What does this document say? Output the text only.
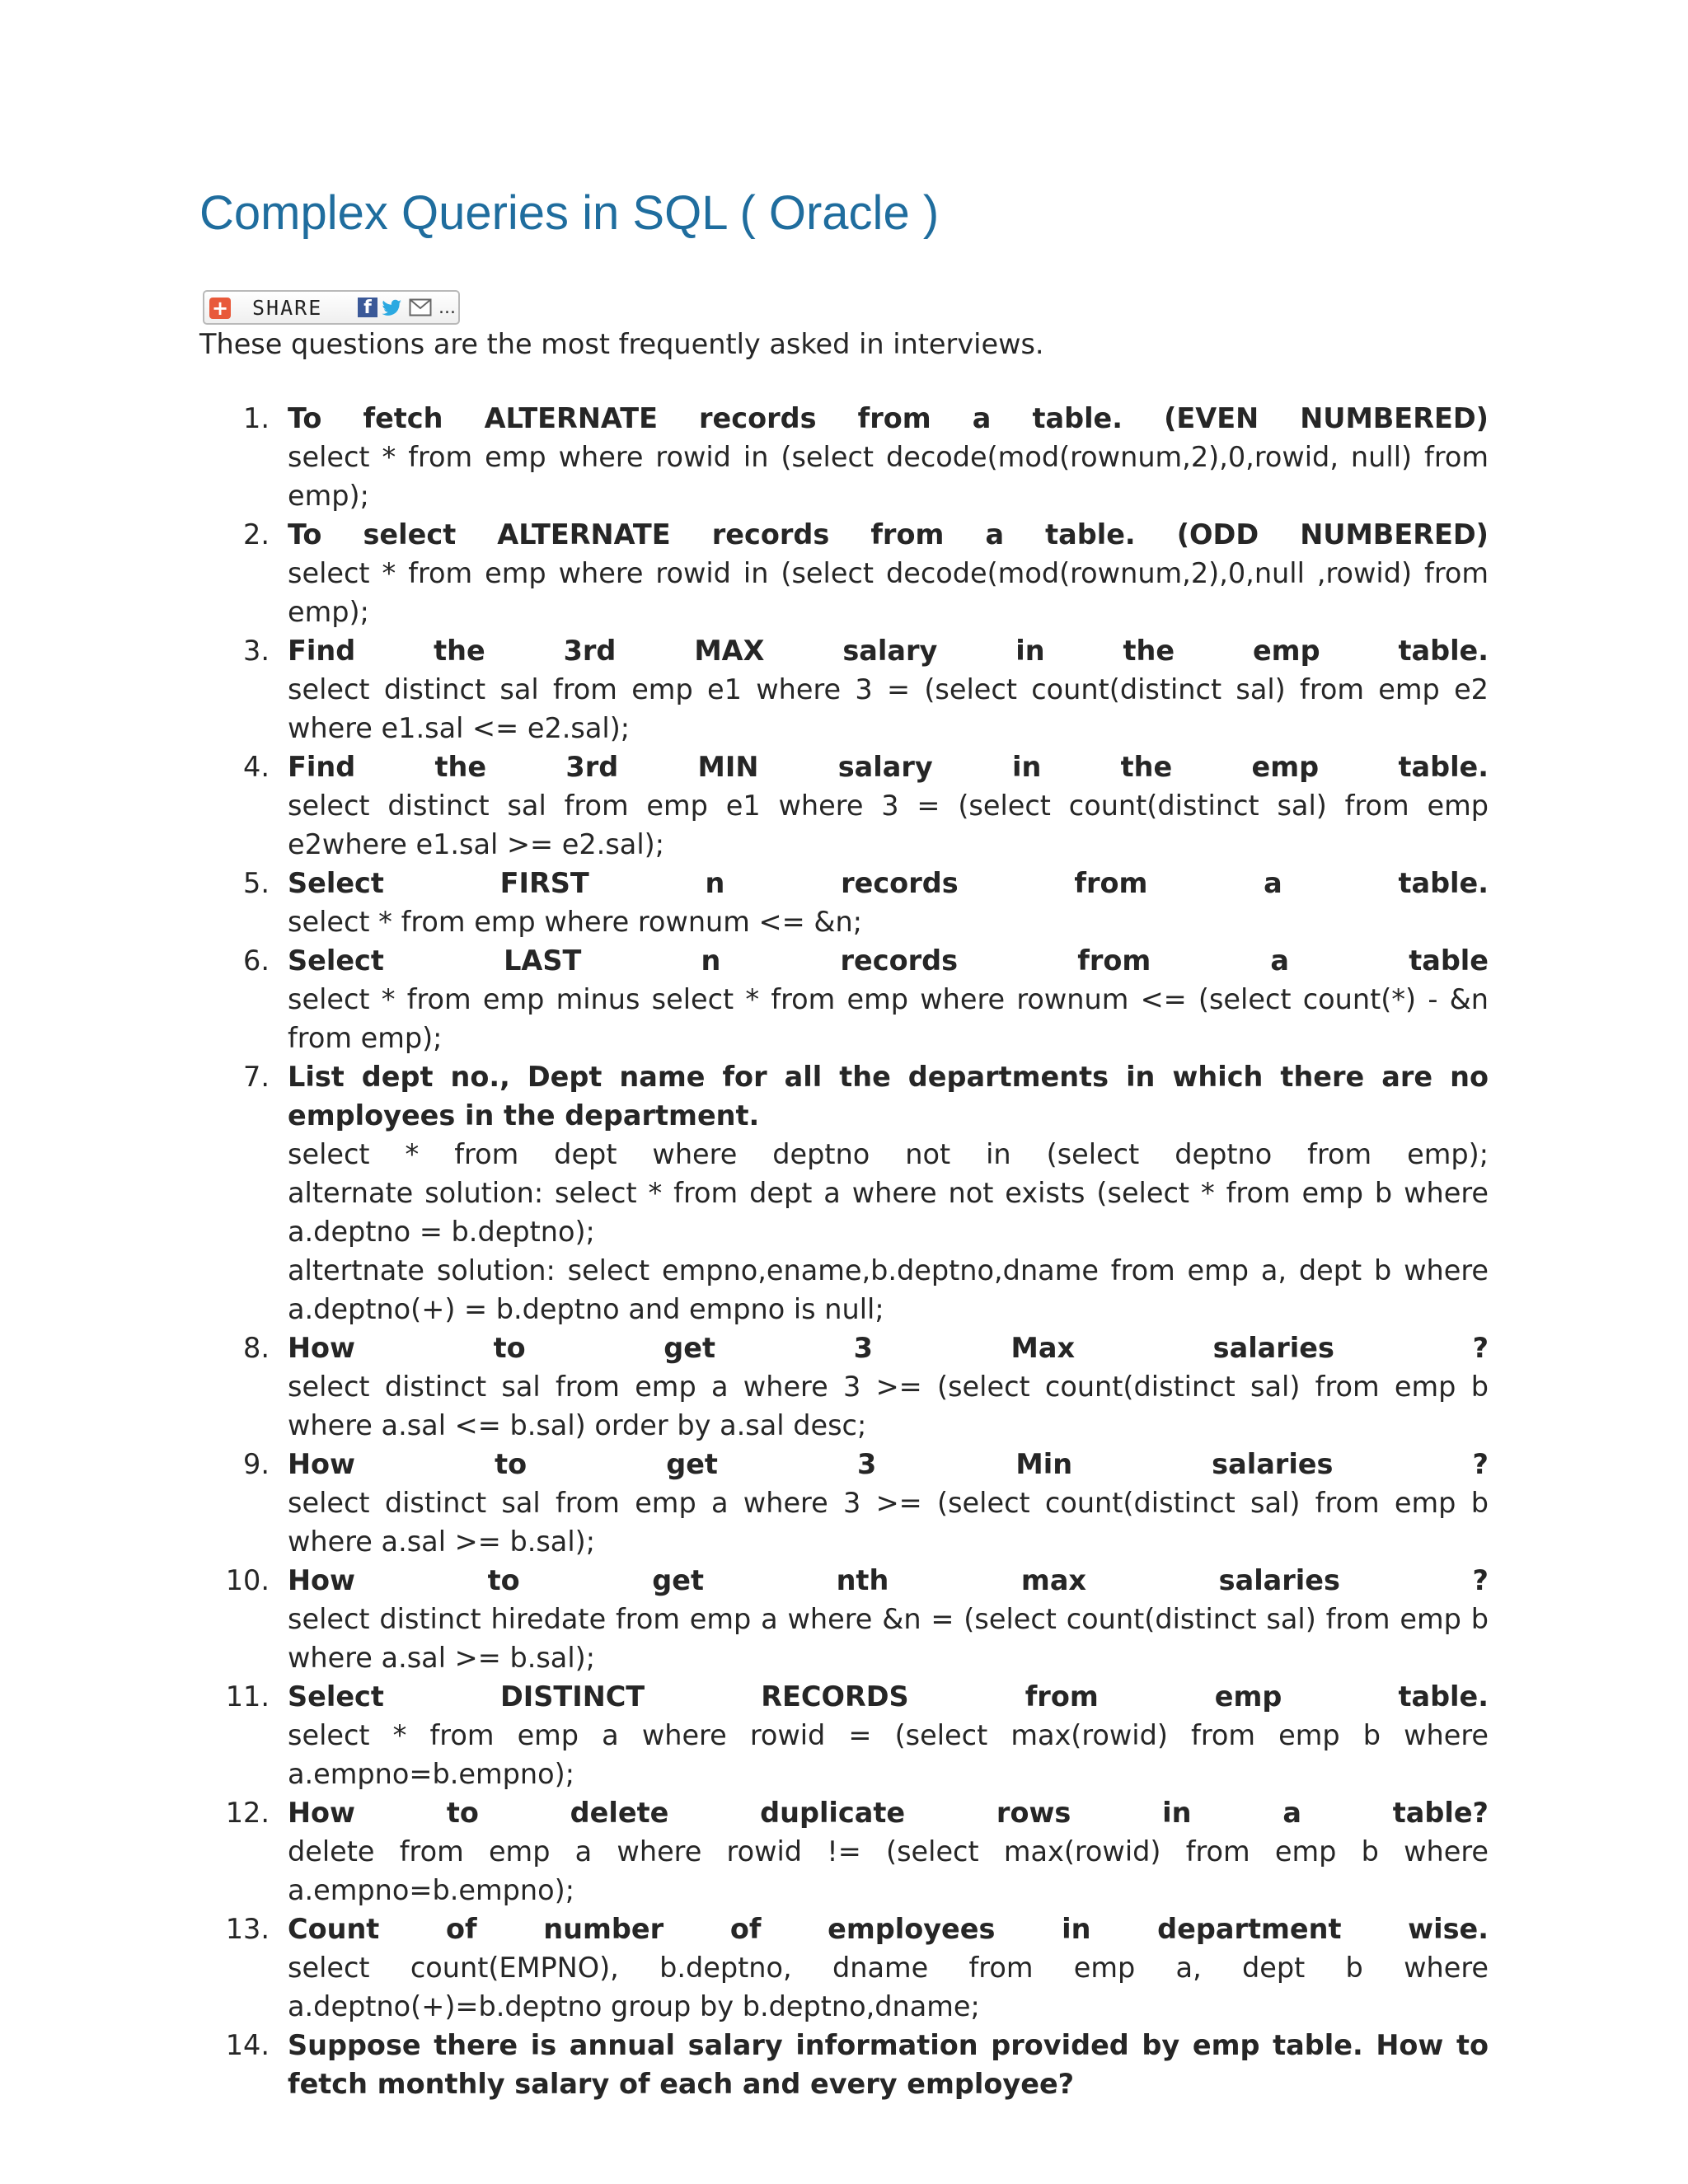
Complex Queries in SQL ( Oracle )
+ SHARE	f	...

These questions are the most frequently asked in interviews.

1. To fetch ALTERNATE records from a table. (EVEN NUMBERED)

select * from emp where rowid in (select decode(mod(rownum,2),0,rowid, null) from emp);

2. To select ALTERNATE records from a table. (ODD NUMBERED)

select * from emp where rowid in (select decode(mod(rownum,2),0,null ,rowid) from emp);

3. Find the 3rd MAX salary in the emp table.

select distinct sal from emp e1 where 3 = (select count(distinct sal) from emp e2 where e1.sal <= e2.sal);

4. Find the 3rd MIN salary in the emp table.

select distinct sal from emp e1 where 3 = (select count(distinct sal) from emp e2where e1.sal >= e2.sal);

5. Select FIRST n records from a table.

select * from emp where rownum <= &n;

6. Select LAST n records from a table

select * from emp minus select * from emp where rownum <= (select count(*) - &n from emp);

7. List dept no., Dept name for all the departments in which there are no employees in the department.

select * from dept where deptno not in (select deptno from emp);

alternate solution: select * from dept a where not exists (select * from emp b where a.deptno = b.deptno);

altertnate solution: select empno,ename,b.deptno,dname from emp a, dept b where a.deptno(+) = b.deptno and empno is null;

8. How to get 3 Max salaries ?

select distinct sal from emp a where 3 >= (select count(distinct sal) from emp b where a.sal <= b.sal) order by a.sal desc;

9. How to get 3 Min salaries ?

select distinct sal from emp a where 3 >= (select count(distinct sal) from emp b where a.sal >= b.sal);

10. How to get nth max salaries ?

select distinct hiredate from emp a where &n = (select count(distinct sal) from emp b where a.sal >= b.sal);

11. Select DISTINCT RECORDS from emp table.

select * from emp a where rowid = (select max(rowid) from emp b where a.empno=b.empno);

12. How to delete duplicate rows in a table?

delete from emp a where rowid != (select max(rowid) from emp b where a.empno=b.empno);

13. Count of number of employees in department wise.

select count(EMPNO), b.deptno, dname from emp a, dept b where a.deptno(+)=b.deptno group by b.deptno,dname;

14. Suppose there is annual salary information provided by emp table. How to fetch monthly salary of each and every employee?
